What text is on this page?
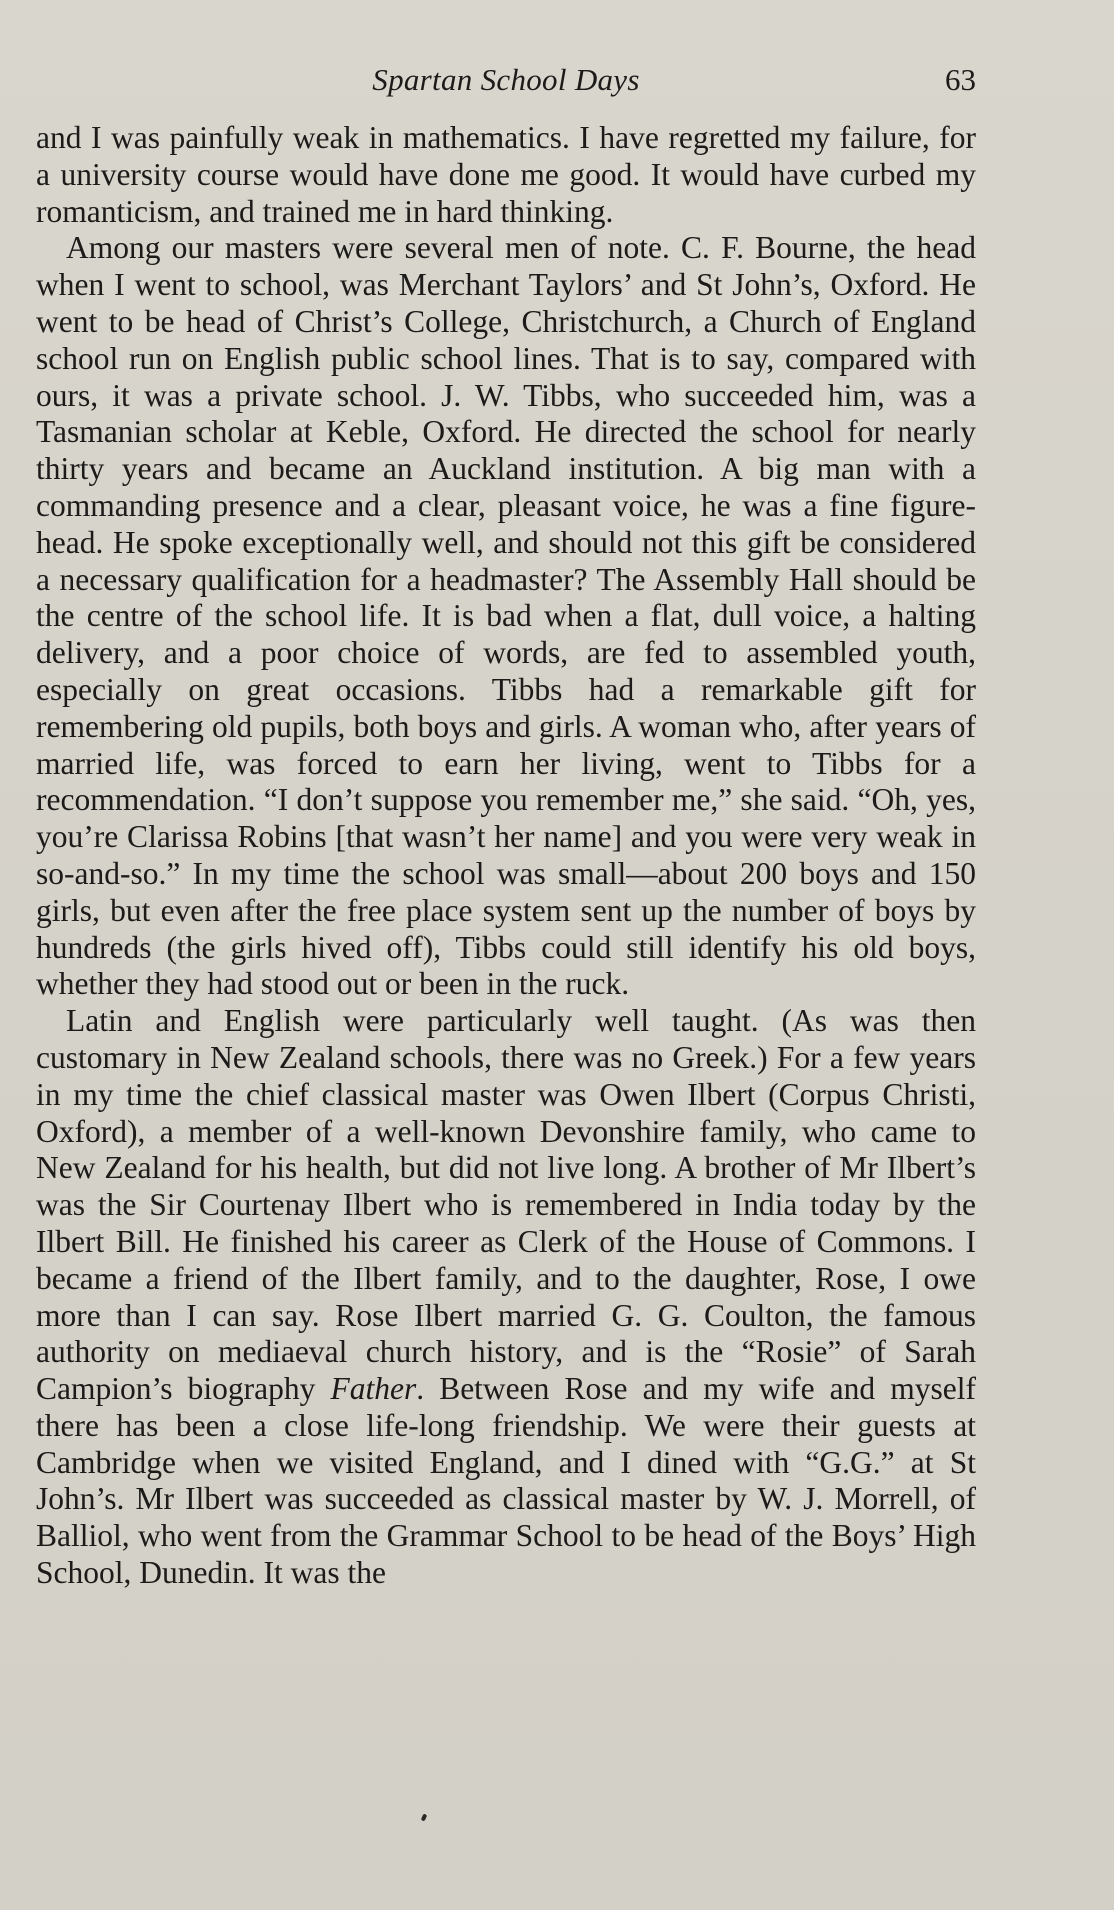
Spartan School Days	63

and I was painfully weak in mathematics. I have regretted my failure, for a university course would have done me good. It would have curbed my romanticism, and trained me in hard thinking.

Among our masters were several men of note. C. F. Bourne, the head when I went to school, was Merchant Taylors’ and St John’s, Oxford. He went to be head of Christ’s College, Christchurch, a Church of England school run on English public school lines. That is to say, compared with ours, it was a private school. J. W. Tibbs, who succeeded him, was a Tasmanian scholar at Keble, Oxford. He directed the school for nearly thirty years and became an Auckland institution. A big man with a commanding presence and a clear, pleasant voice, he was a fine figure-head. He spoke exceptionally well, and should not this gift be considered a necessary qualification for a headmaster? The Assembly Hall should be the centre of the school life. It is bad when a flat, dull voice, a halting delivery, and a poor choice of words, are fed to assembled youth, especially on great occasions. Tibbs had a remarkable gift for remembering old pupils, both boys and girls. A woman who, after years of married life, was forced to earn her living, went to Tibbs for a recommendation. “I don’t suppose you remember me,” she said. “Oh, yes, you’re Clarissa Robins [that wasn’t her name] and you were very weak in so-and-so.” In my time the school was small—about 200 boys and 150 girls, but even after the free place system sent up the number of boys by hundreds (the girls hived off), Tibbs could still identify his old boys, whether they had stood out or been in the ruck.

Latin and English were particularly well taught. (As was then customary in New Zealand schools, there was no Greek.) For a few years in my time the chief classical master was Owen Ilbert (Corpus Christi, Oxford), a member of a well-known Devonshire family, who came to New Zealand for his health, but did not live long. A brother of Mr Ilbert’s was the Sir Courtenay Ilbert who is remembered in India today by the Ilbert Bill. He finished his career as Clerk of the House of Commons. I became a friend of the Ilbert family, and to the daughter, Rose, I owe more than I can say. Rose Ilbert married G. G. Coulton, the famous authority on mediaeval church history, and is the “Rosie” of Sarah Campion’s biography Father. Between Rose and my wife and myself there has been a close life-long friendship. We were their guests at Cambridge when we visited England, and I dined with “G.G.” at St John’s. Mr Ilbert was succeeded as classical master by W. J. Morrell, of Balliol, who went from the Grammar School to be head of the Boys’ High School, Dunedin. It was the
